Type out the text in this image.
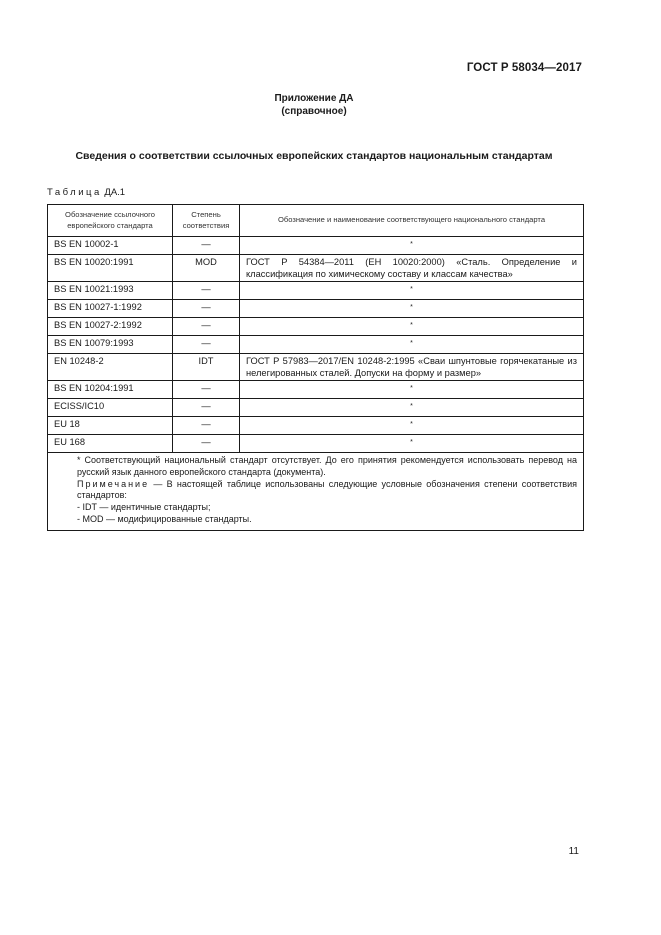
ГОСТ Р 58034—2017
Приложение ДА
(справочное)
Сведения о соответствии ссылочных европейских стандартов национальным стандартам
Таблица ДА.1
Обозначение ссылочного европейского стандарта	Степень соответствия	Обозначение и наименование соответствующего национального стандарта
BS EN 10002-1	—	*
BS EN 10020:1991	MOD	ГОСТ Р 54384—2011 (ЕН 10020:2000) «Сталь. Определение и классификация по химическому составу и классам качества»
BS EN 10021:1993	—	*
BS EN 10027-1:1992	—	*
BS EN 10027-2:1992	—	*
BS EN 10079:1993	—	*
EN 10248-2	IDT	ГОСТ Р 57983—2017/EN 10248-2:1995 «Сваи шпунтовые горячекатаные из нелегированных сталей. Допуски на форму и размер»
BS EN 10204:1991	—	*
ECISS/IC10	—	*
EU 18	—	*
EU 168	—	*

* Соответствующий национальный стандарт отсутствует. До его принятия рекомендуется использовать перевод на русский язык данного европейского стандарта (документа).
Примечание — В настоящей таблице использованы следующие условные обозначения степени соответствия стандартов:
- IDT — идентичные стандарты;
- MOD — модифицированные стандарты.		
11
